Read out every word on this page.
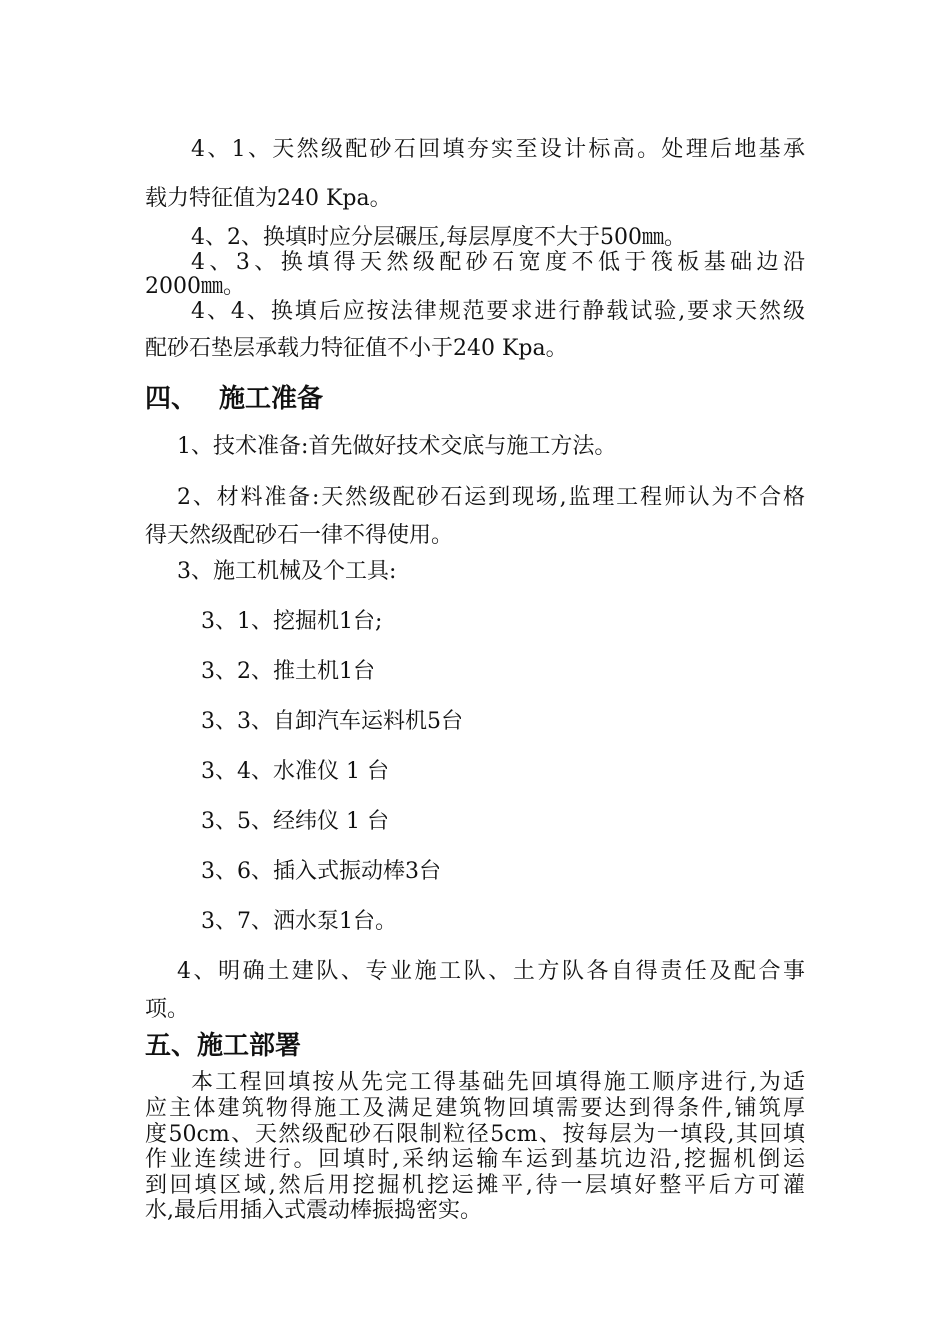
4、1、天然级配砂石回填夯实至设计标高。处理后地基承

载力特征值为240 Kpa。

4、2、换填时应分层碾压,每层厚度不大于500㎜。

4、3、换填得天然级配砂石宽度不低于筏板基础边沿

2000㎜。

4、4、换填后应按法律规范要求进行静载试验,要求天然级

配砂石垫层承载力特征值不小于240 Kpa。

四、 施工准备

1、技术准备:首先做好技术交底与施工方法。

2、材料准备:天然级配砂石运到现场,监理工程师认为不合格

得天然级配砂石一律不得使用。

3、施工机械及个工具:

3、1、挖掘机1台;

3、2、推土机1台

3、3、自卸汽车运料机5台

3、4、水准仪 1 台

3、5、经纬仪 1 台

3、6、插入式振动棒3台

3、7、洒水泵1台。

4、明确土建队、专业施工队、土方队各自得责任及配合事

项。

五、施工部署

本工程回填按从先完工得基础先回填得施工顺序进行,为适

应主体建筑物得施工及满足建筑物回填需要达到得条件,铺筑厚

度50cm、天然级配砂石限制粒径5cm、按每层为一填段,其回填

作业连续进行。回填时,采纳运输车运到基坑边沿,挖掘机倒运

到回填区域,然后用挖掘机挖运摊平,待一层填好整平后方可灌

水,最后用插入式震动棒振捣密实。
